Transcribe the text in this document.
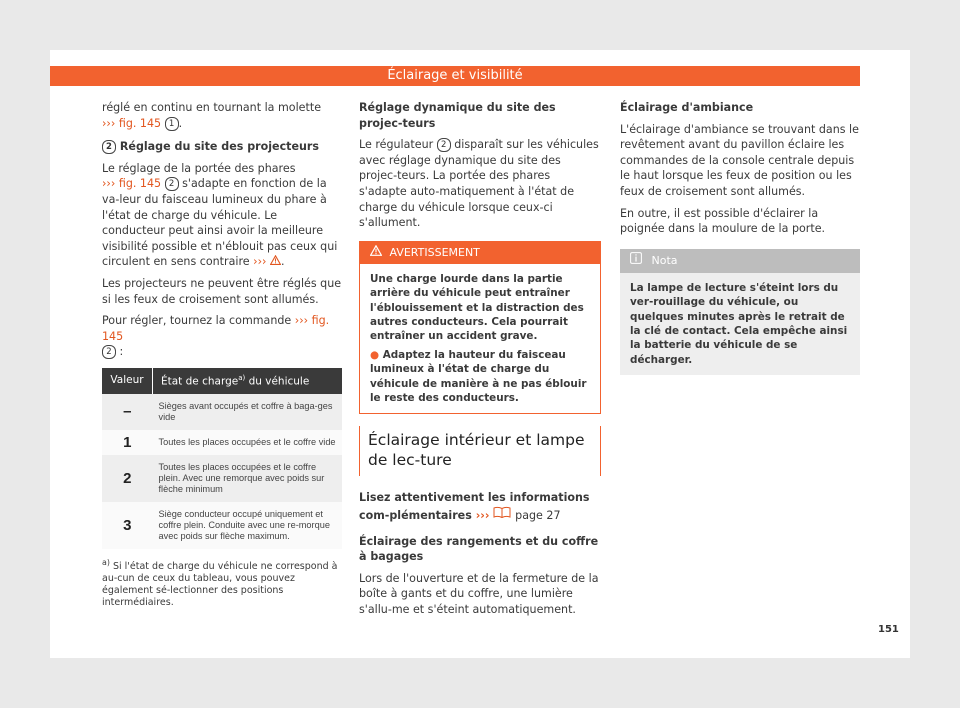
Éclairage et visibilité

réglé en continu en tournant la molette
››› fig. 145 1 .

2 Réglage du site des projecteurs

Le réglage de la portée des phares
››› fig. 145 2 s'adapte en fonction de la va-leur du faisceau lumineux du phare à l'état de charge du véhicule. Le conducteur peut ainsi avoir la meilleure visibilité possible et n'éblouit pas ceux qui circulent en sens contraire ››› .

Les projecteurs ne peuvent être réglés que si les feux de croisement sont allumés.

Pour régler, tournez la commande ››› fig. 145
2 :

Valeur	État de charge$^{a)}$ du véhicule
–	Sièges avant occupés et coffre à baga-ges vide
1	Toutes les places occupées et le coffre vide
2	Toutes les places occupées et le coffre plein. Avec une remorque avec poids sur flèche minimum
3	Siège conducteur occupé uniquement et coffre plein. Conduite avec une re-morque avec poids sur flèche maximum.
$^{a)}$ Si l'état de charge du véhicule ne correspond à au-cun de ceux du tableau, vous pouvez également sé-lectionner des positions intermédiaires.

Réglage dynamique du site des projec-teurs

Le régulateur 2 disparaît sur les véhicules avec réglage dynamique du site des projec-teurs. La portée des phares s'adapte auto-matiquement à l'état de charge du véhicule lorsque ceux-ci s'allument.

AVERTISSEMENT
Une charge lourde dans la partie arrière du véhicule peut entraîner l'éblouissement et la distraction des autres conducteurs. Cela pourrait entraîner un accident grave.
● Adaptez la hauteur du faisceau lumineux à l'état de charge du véhicule de manière à ne pas éblouir le reste des conducteurs.
Éclairage intérieur et lampe de lec-ture

Lisez attentivement les informations com-plémentaires ››› page 27

Éclairage des rangements et du coffre à bagages

Lors de l'ouverture et de la fermeture de la boîte à gants et du coffre, une lumière s'allu-me et s'éteint automatiquement.

Éclairage d'ambiance

L'éclairage d'ambiance se trouvant dans le revêtement avant du pavillon éclaire les commandes de la console centrale depuis le haut lorsque les feux de position ou les feux de croisement sont allumés.

En outre, il est possible d'éclairer la poignée dans la moulure de la porte.

Nota
La lampe de lecture s'éteint lors du ver-rouillage du véhicule, ou quelques minutes après le retrait de la clé de contact. Cela empêche ainsi la batterie du véhicule de se décharger.
151
